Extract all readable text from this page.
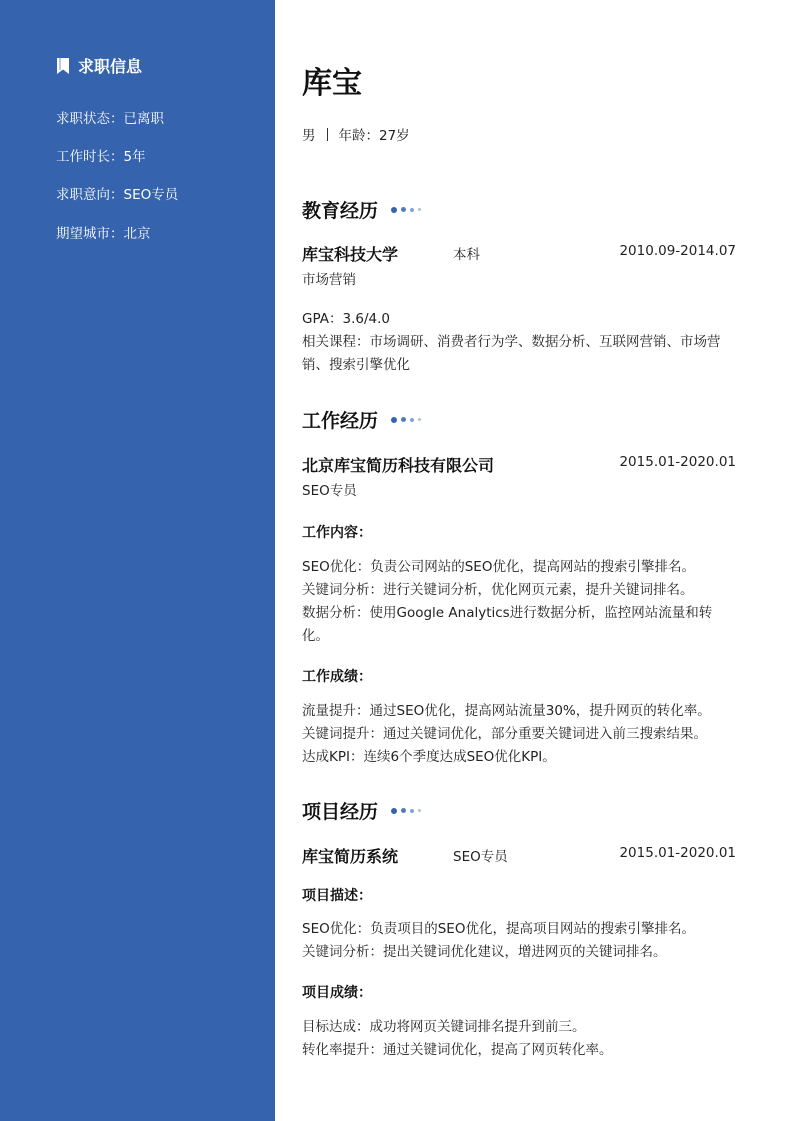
求职信息
求职状态：已离职
工作时长：5年
求职意向：SEO专员
期望城市：北京
库宝
男 年龄：27岁
教育经历
库宝科技大学	本科	2010.09-2014.07
市场营销
GPA：3.6/4.0
相关课程：市场调研、消费者行为学、数据分析、互联网营销、市场营
销、搜索引擎优化
工作经历
北京库宝简历科技有限公司	2015.01-2020.01
SEO专员
工作内容：
SEO优化：负责公司网站的SEO优化，提高网站的搜索引擎排名。
关键词分析：进行关键词分析，优化网页元素，提升关键词排名。
数据分析：使用Google Analytics进行数据分析，监控网站流量和转
化。
工作成绩：
流量提升：通过SEO优化，提高网站流量30%，提升网页的转化率。
关键词提升：通过关键词优化，部分重要关键词进入前三搜索结果。
达成KPI：连续6个季度达成SEO优化KPI。
项目经历
库宝简历系统	SEO专员	2015.01-2020.01
项目描述：
SEO优化：负责项目的SEO优化，提高项目网站的搜索引擎排名。
关键词分析：提出关键词优化建议，增进网页的关键词排名。
项目成绩：
目标达成：成功将网页关键词排名提升到前三。
转化率提升：通过关键词优化，提高了网页转化率。
